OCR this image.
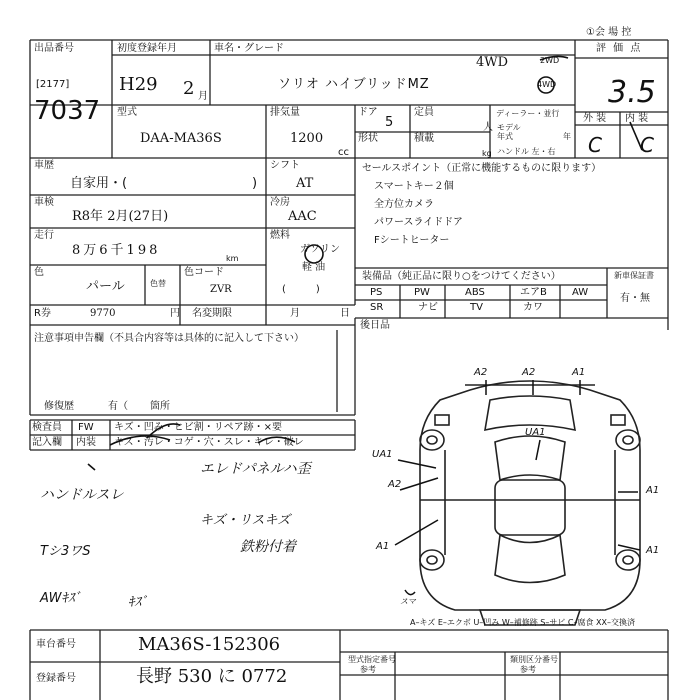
①会 場 控
出品番号
[2177]
7037
初度登録年月
H29 2 月
車名・グレード
4WD	2WD
4WD
ソリオ ハイブリッドMZ
評 価 点
3.5
外 装 内 装
C C
型式
DAA-MA36S
排気量
1200
cc
ドア
5
定員
人
形状	積載
kg
ディーラー・並行
モデル
年式	年
ハンドル 左・右
車歴
自家用・(	)
シフト
AT
車検
R8年 2月(27日)
冷房
AAC
走行
8万6千198
km
燃料
ガソリン
軽 油
(　　　)
色
パール	色替
色コード
ZVR
R券	9770	円 名変期限	月	日
セールスポイント（正常に機能するものに限ります）
スマートキー２個
全方位カメラ
パワースライドドア
Fシートヒーター
装備品（純正品に限り○をつけてください）	新車保証書
有・無
PS	PW	ABS	エアB	AW
SR	ナビ	TV	カワ
後日品
注意事項申告欄（不具合内容等は具体的に記入して下さい）
修復歴	有（ 箇所
検査員
記入欄
FW
内装
キズ・凹み・ヒビ割・リペア跡・×要
キズ・汚レ・コゲ・穴・スレ・キレ・破レ
エレドパネルハ歪
ハンドルスレ
キズ・リスキズ
鉄粉付着
Tシ3ワS
AWｷｽﾞ	ｷｽﾞ
A2	A2	A1
UA1
UA1
A2
A1
A1	A1
スマ
A–キズ E–エクボ U–凹み W–補修跡 S–サビ C–腐食 XX–交換済
車台番号	MA36S-152306
登録番号	長野 530 に 0772
型式指定番号
参考
類別区分番号
参考
